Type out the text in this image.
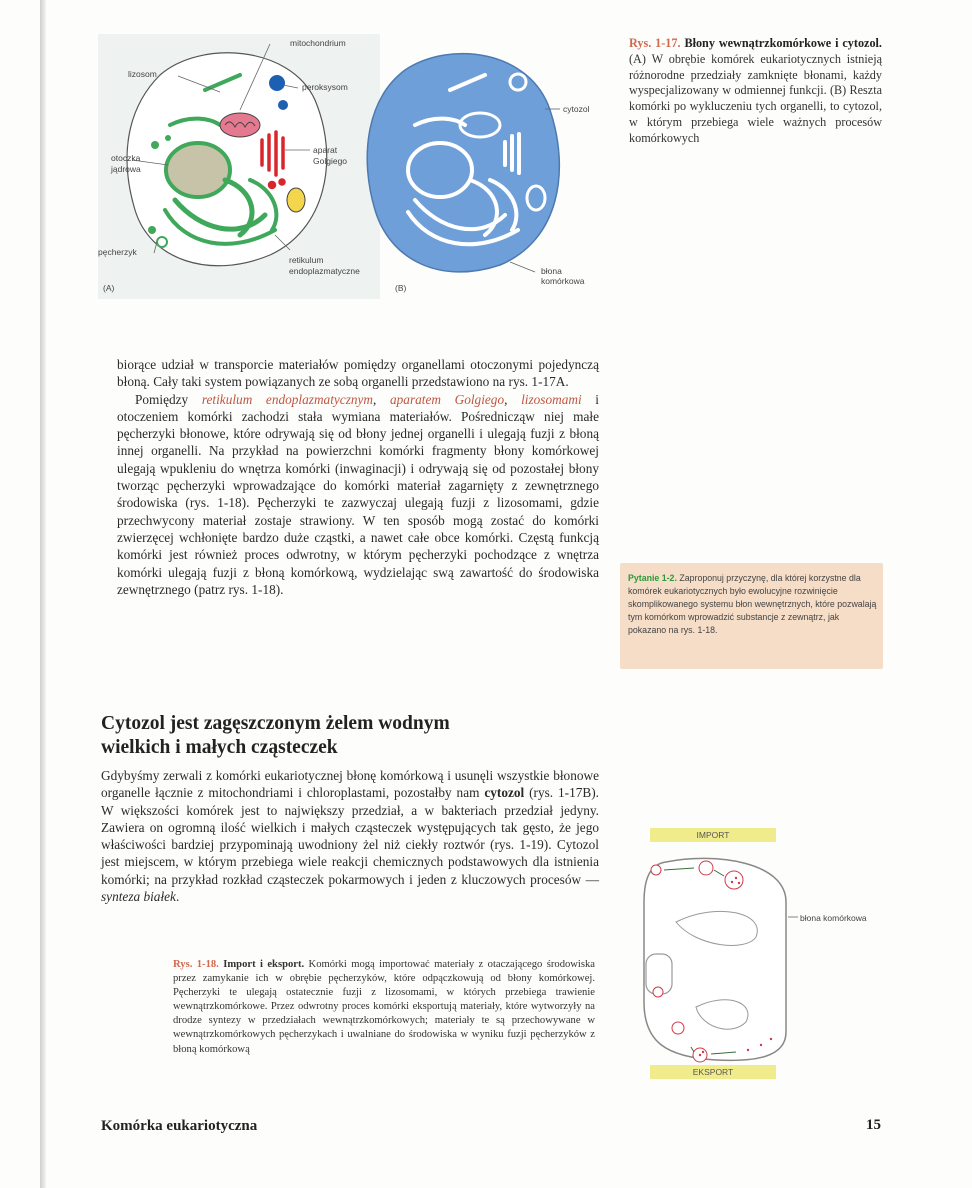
mitochondrium
lizosom
peroksysom
otoczka
jądrowa
aparat
Golgiego
pęcherzyk
retikulum
endoplazmatyczne
(A)	(B)
cytozol
błona
komórkowa

Rys. 1-17. Błony wewnątrzkomórkowe i cytozol. (A) W obrębie komórek eukariotycznych istnieją różnorodne przedziały zamknięte błonami, każdy wyspecjalizowany w odmiennej funkcji. (B) Reszta komórki po wykluczeniu tych organelli, to cytozol, w którym przebiega wiele ważnych procesów komórkowych

biorące udział w transporcie materiałów pomiędzy organellami otoczonymi pojedynczą błoną. Cały taki system powiązanych ze sobą organelli przedstawiono na rys. 1-17A.

Pomiędzy retikulum endoplazmatycznym, aparatem Golgiego, lizosomami i otoczeniem komórki zachodzi stała wymiana materiałów. Pośrednicząw niej małe pęcherzyki błonowe, które odrywają się od błony jednej organelli i ulegają fuzji z błoną innej organelli. Na przykład na powierzchni komórki fragmenty błony komórkowej ulegają wpukleniu do wnętrza komórki (inwaginacji) i odrywają się od pozostałej błony tworząc pęcherzyki wprowadzające do komórki materiał zagarnięty z zewnętrznego środowiska (rys. 1-18). Pęcherzyki te zazwyczaj ulegają fuzji z lizosomami, gdzie przechwycony materiał zostaje strawiony. W ten sposób mogą zostać do komórki zwierzęcej wchłonięte bardzo duże cząstki, a nawet całe obce komórki. Częstą funkcją komórki jest również proces odwrotny, w którym pęcherzyki pochodzące z wnętrza komórki ulegają fuzji z błoną komórkową, wydzielając swą zawartość do środowiska zewnętrznego (patrz rys. 1-18).

Pytanie 1-2. Zaproponuj przyczynę, dla której korzystne dla komórek eukariotycznych było ewolucyjne rozwinięcie skomplikowanego systemu błon wewnętrznych, które pozwalają tym komórkom wprowadzić substancje z zewnątrz, jak pokazano na rys. 1-18.
Cytozol jest zagęszczonym żelem wodnym wielkich i małych cząsteczek

Gdybyśmy zerwali z komórki eukariotycznej błonę komórkową i usunęli wszystkie błonowe organelle łącznie z mitochondriami i chloroplastami, pozostałby nam cytozol (rys. 1-17B). W większości komórek jest to największy przedział, a w bakteriach przedział jedyny. Zawiera on ogromną ilość wielkich i małych cząsteczek występujących tak gęsto, że jego właściwości bardziej przypominają uwodniony żel niż ciekły roztwór (rys. 1-19). Cytozol jest miejscem, w którym przebiega wiele reakcji chemicznych podstawowych dla istnienia komórki; na przykład rozkład cząsteczek pokarmowych i jeden z kluczowych procesów — synteza białek.

Rys. 1-18. Import i eksport. Komórki mogą importować materiały z otaczającego środowiska przez zamykanie ich w obrębie pęcherzyków, które odpączkowują od błony komórkowej. Pęcherzyki te ulegają ostatecznie fuzji z lizosomami, w których przebiega trawienie wewnątrzkomórkowe. Przez odwrotny proces komórki eksportują materiały, które wytworzyły na drodze syntezy w przedziałach wewnątrzkomórkowych; materiały te są przechowywane w wewnątrzkomórkowych pęcherzykach i uwalniane do środowiska w wyniku fuzji pęcherzyków z błoną komórkową

IMPORT
błona komórkowa
EKSPORT
Komórka eukariotyczna	15
